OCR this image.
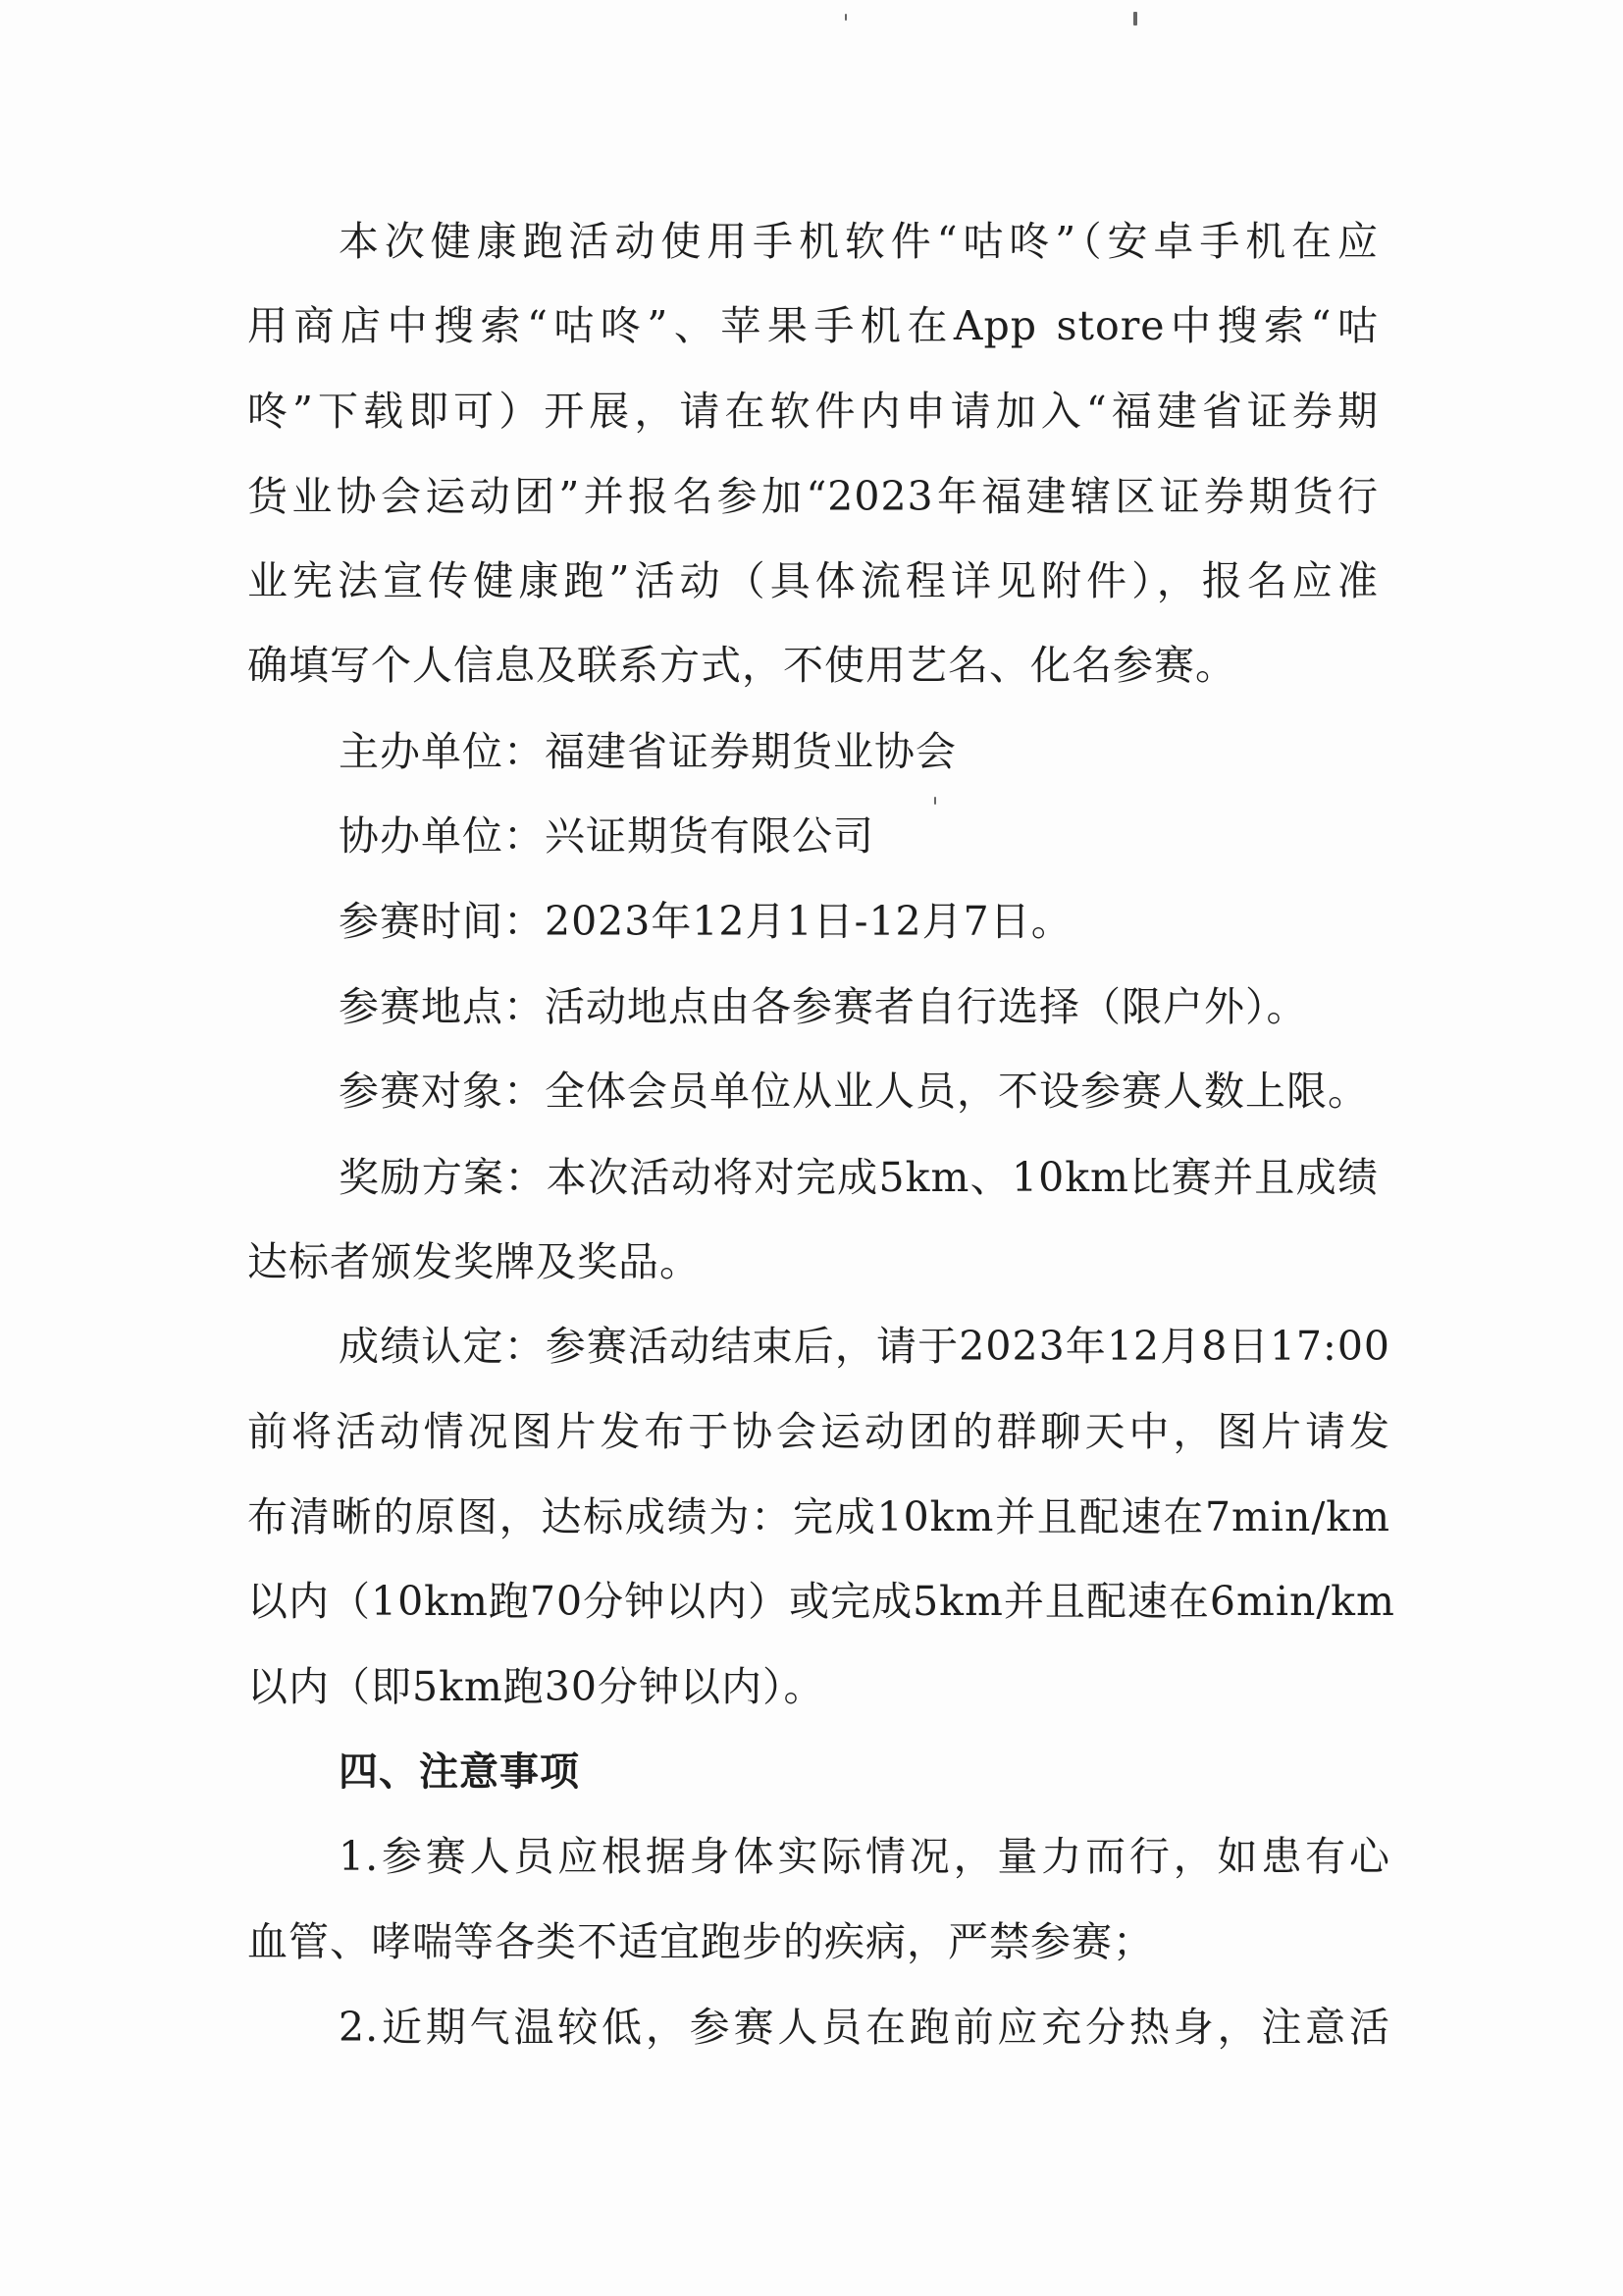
本次健康跑活动使用手机软件“咕咚”（安卓手机在应
用商店中搜索“咕咚”、苹果手机在App store中搜索“咕
咚”下载即可）开展，请在软件内申请加入“福建省证券期
货业协会运动团”并报名参加“2023年福建辖区证券期货行
业宪法宣传健康跑”活动（具体流程详见附件），报名应准
确填写个人信息及联系方式，不使用艺名、化名参赛。
主办单位：福建省证券期货业协会
协办单位：兴证期货有限公司
参赛时间：2023年12月1日-12月7日。
参赛地点：活动地点由各参赛者自行选择（限户外）。
参赛对象：全体会员单位从业人员，不设参赛人数上限。
奖励方案：本次活动将对完成5km、10km比赛并且成绩
达标者颁发奖牌及奖品。
成绩认定：参赛活动结束后，请于2023年12月8日17:00
前将活动情况图片发布于协会运动团的群聊天中，图片请发
布清晰的原图，达标成绩为：完成10km并且配速在7min/km
以内（10km跑70分钟以内）或完成5km并且配速在6min/km
以内（即5km跑30分钟以内）。
四、注意事项
1.参赛人员应根据身体实际情况，量力而行，如患有心
血管、哮喘等各类不适宜跑步的疾病，严禁参赛；
2.近期气温较低，参赛人员在跑前应充分热身，注意活
